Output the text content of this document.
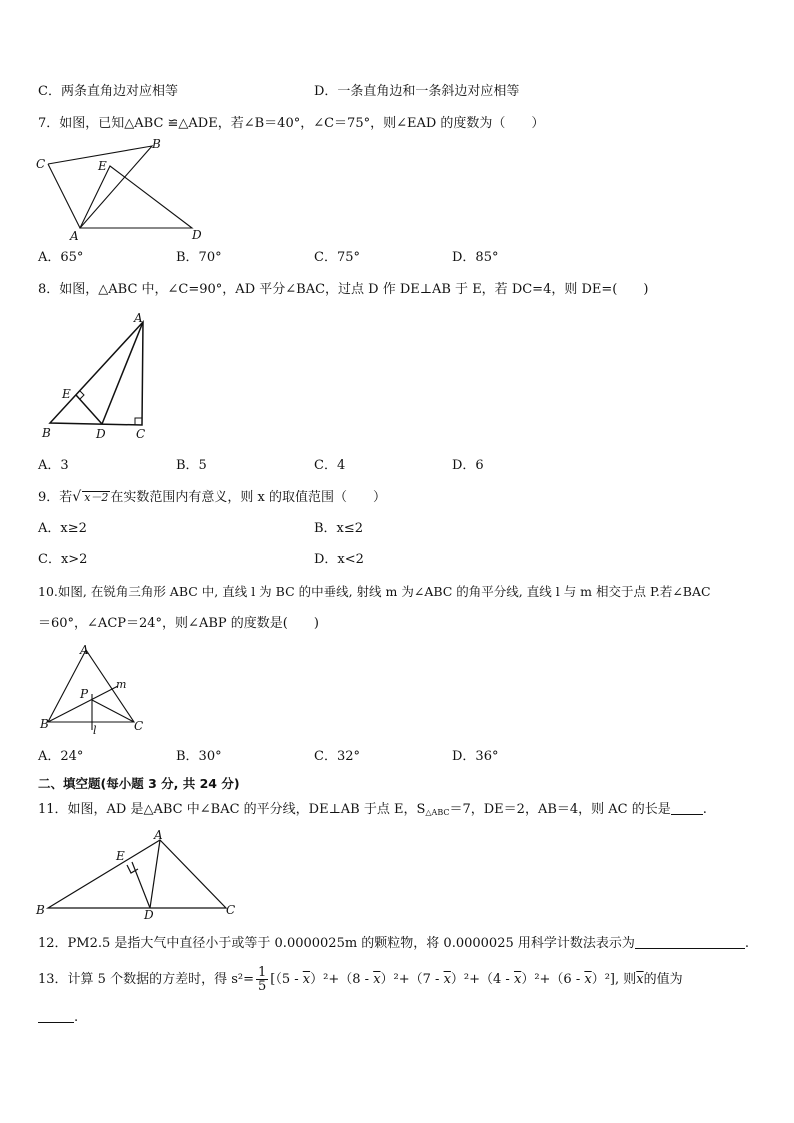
C．两条直角边对应相等	D．一条直角边和一条斜边对应相等
7．如图，已知△ABC ≌△ADE，若∠B＝40°，∠C＝75°，则∠EAD 的度数为（　　）
C
B
E
A	D
A．65°	B．70°	C．75°	D．85°
8．如图，△ABC 中，∠C=90°，AD 平分∠BAC，过点 D 作 DE⊥AB 于 E，若 DC=4，则 DE=(　　)
A
E
B	D	C
A．3	B．5	C．4	D．6
9．若√ x－2 在实数范围内有意义，则 x 的取值范围（　　）
A．x≥2	B．x≤2
C．x>2	D．x<2
10.如图, 在锐角三角形 ABC 中, 直线 l 为 BC 的中垂线, 射线 m 为∠ABC 的角平分线, 直线 l 与 m 相交于点 P.若∠BAC
＝60°，∠ACP＝24°，则∠ABP 的度数是(　　)
A
P
m
B	l	C
A．24°	B．30°	C．32°	D．36°
二、填空题(每小题 3 分, 共 24 分)
11．如图，AD 是△ABC 中∠BAC 的平分线，DE⊥AB 于点 E，$S_{\triangle ABC}=7$，DE＝2，AB＝4，则 AC 的长是 .
A
E
B	D	C
12．PM2.5 是指大气中直径小于或等于 0.0000025m 的颗粒物，将 0.0000025 用科学计数法表示为	.
13．计算 5 个数据的方差时，得 $s^2= \frac{1}{5} [(5 - \overline{x})^2+(8 - \overline{x})^2+(7 - \overline{x})^2+(4 - \overline{x})^2+(6 - \overline{x})^2]$, 则$\overline{x}$的值为
.
